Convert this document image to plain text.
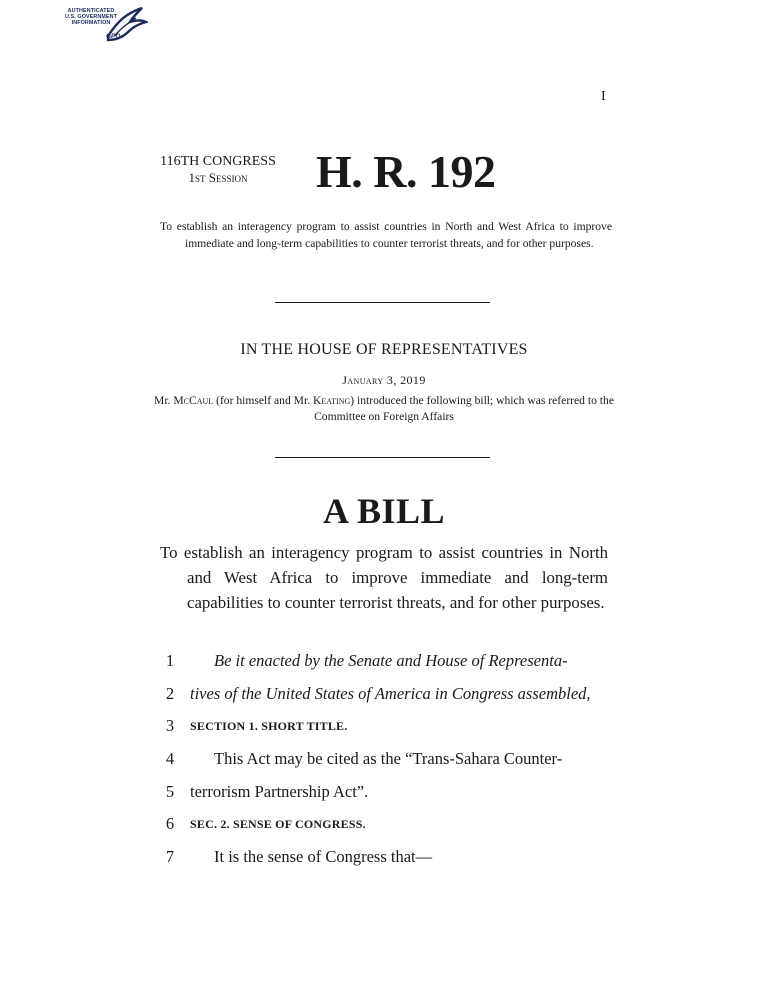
AUTHENTICATED
U.S. GOVERNMENT
INFORMATION
GPO
I
116TH CONGRESS
1st Session	H. R. 192
To establish an interagency program to assist countries in North and West Africa to improve immediate and long-term capabilities to counter terrorist threats, and for other purposes.
IN THE HOUSE OF REPRESENTATIVES
January 3, 2019
Mr. McCaul (for himself and Mr. Keating) introduced the following bill; which was referred to the Committee on Foreign Affairs
A BILL
To establish an interagency program to assist countries in North and West Africa to improve immediate and long-term capabilities to counter terrorist threats, and for other purposes.
1	Be it enacted by the Senate and House of Representa-
2 tives of the United States of America in Congress assembled,
3 SECTION 1. SHORT TITLE.
4	This Act may be cited as the “Trans-Sahara Counter-
5 terrorism Partnership Act”.
6 SEC. 2. SENSE OF CONGRESS.
7	It is the sense of Congress that—
